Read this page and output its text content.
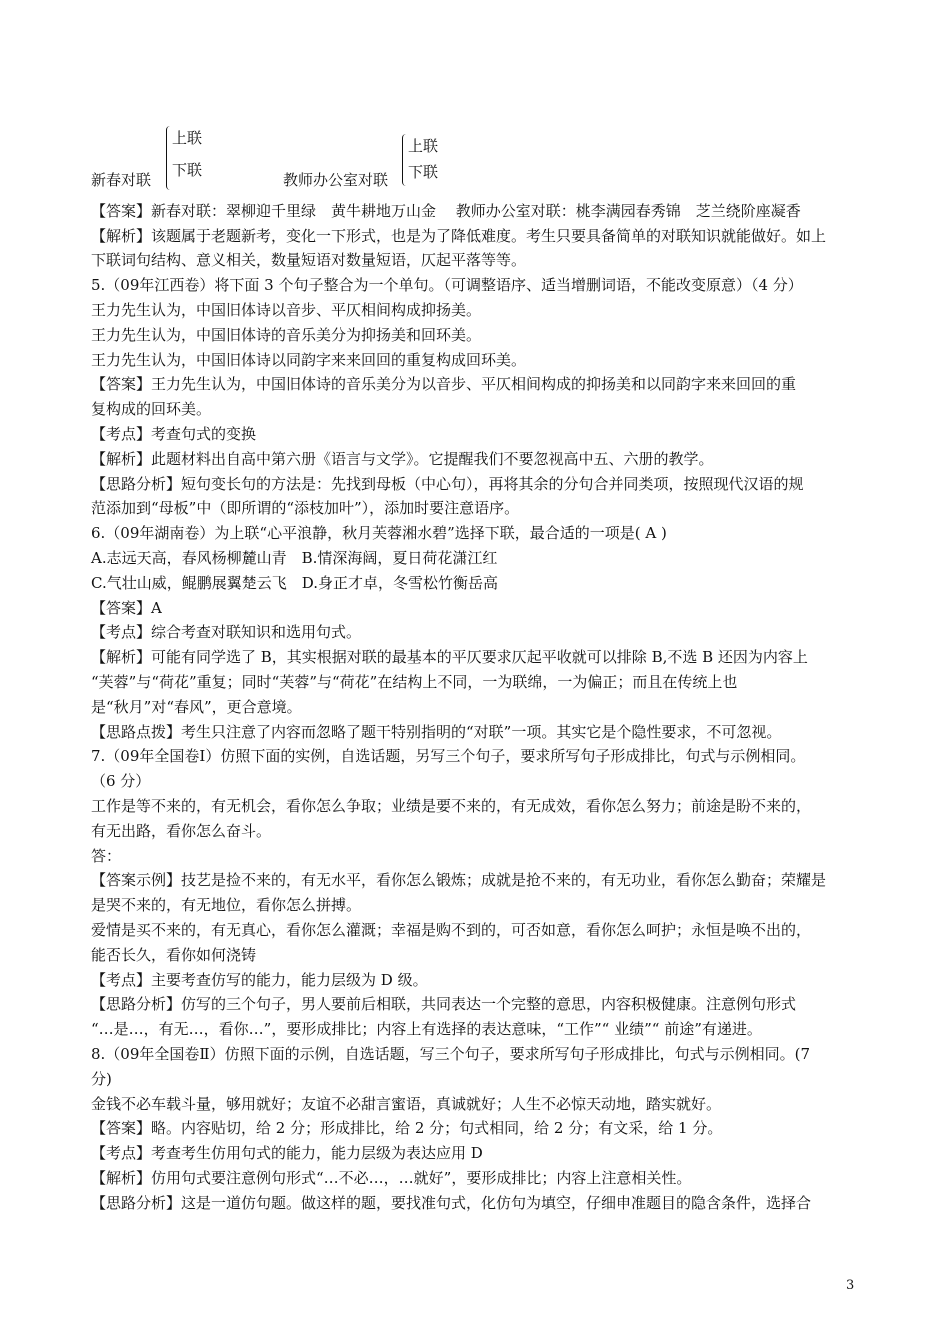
新春对联
上联
下联
教师办公室对联
上联
下联
【答案】新春对联：翠柳迎千里绿　黄牛耕地万山金　 教师办公室对联：桃李满园春秀锦　芝兰绕阶座凝香
【解析】该题属于老题新考，变化一下形式，也是为了降低难度。考生只要具备简单的对联知识就能做好。如上
下联词句结构、意义相关，数量短语对数量短语，仄起平落等等。
5.（09年江西卷）将下面 3 个句子整合为一个单句。（可调整语序、适当增删词语，不能改变原意）（4 分）
王力先生认为，中国旧体诗以音步、平仄相间构成抑扬美。
王力先生认为，中国旧体诗的音乐美分为抑扬美和回环美。
王力先生认为，中国旧体诗以同韵字来来回回的重复构成回环美。
【答案】王力先生认为，中国旧体诗的音乐美分为以音步、平仄相间构成的抑扬美和以同韵字来来回回的重
复构成的回环美。
【考点】考查句式的变换
【解析】此题材料出自高中第六册《语言与文学》。它提醒我们不要忽视高中五、六册的教学。
【思路分析】短句变长句的方法是：先找到母板（中心句），再将其余的分句合并同类项，按照现代汉语的规
范添加到“母板”中（即所谓的“添枝加叶”），添加时要注意语序。
6.（09年湖南卷）为上联“心平浪静，秋月芙蓉湘水碧”选择下联，最合适的一项是( A )
A.志远天高，春风杨柳麓山青　B.情深海阔，夏日荷花潇江红
C.气壮山威，鲲鹏展翼楚云飞　D.身正才卓，冬雪松竹衡岳高
【答案】A
【考点】综合考查对联知识和选用句式。
【解析】可能有同学选了 B，其实根据对联的最基本的平仄要求仄起平收就可以排除 B,不选 B 还因为内容上
“芙蓉”与“荷花”重复；同时“芙蓉”与“荷花”在结构上不同，一为联绵，一为偏正；而且在传统上也
是“秋月”对“春风”，更合意境。
【思路点拨】考生只注意了内容而忽略了题干特别指明的“对联”一项。其实它是个隐性要求，不可忽视。
7.（09年全国卷Ⅰ）仿照下面的实例，自选话题，另写三个句子，要求所写句子形成排比，句式与示例相同。
（6 分）
工作是等不来的，有无机会，看你怎么争取；业绩是要不来的，有无成效，看你怎么努力；前途是盼不来的，
有无出路，看你怎么奋斗。
答：
【答案示例】技艺是捡不来的，有无水平，看你怎么锻炼；成就是抢不来的，有无功业，看你怎么勤奋；荣耀是
是哭不来的，有无地位，看你怎么拼搏。
爱情是买不来的，有无真心，看你怎么灌溉；幸福是购不到的，可否如意，看你怎么呵护；永恒是唤不出的，
能否长久，看你如何浇铸
【考点】主要考查仿写的能力，能力层级为 D 级。
【思路分析】仿写的三个句子，男人要前后相联，共同表达一个完整的意思，内容积极健康。注意例句形式
“…是…，有无…，看你…”，要形成排比；内容上有选择的表达意味，“工作”“ 业绩”“ 前途”有递进。
8.（09年全国卷Ⅱ）仿照下面的示例，自选话题，写三个句子，要求所写句子形成排比，句式与示例相同。(7
分)
金钱不必车载斗量，够用就好；友谊不必甜言蜜语，真诚就好；人生不必惊天动地，踏实就好。
【答案】略。内容贴切，给 2 分；形成排比，给 2 分；句式相同，给 2 分；有文采，给 1 分。
【考点】考查考生仿用句式的能力，能力层级为表达应用 D
【解析】仿用句式要注意例句形式“…不必…，…就好”，要形成排比；内容上注意相关性。
【思路分析】这是一道仿句题。做这样的题，要找准句式，化仿句为填空，仔细申准题目的隐含条件，选择合
3
